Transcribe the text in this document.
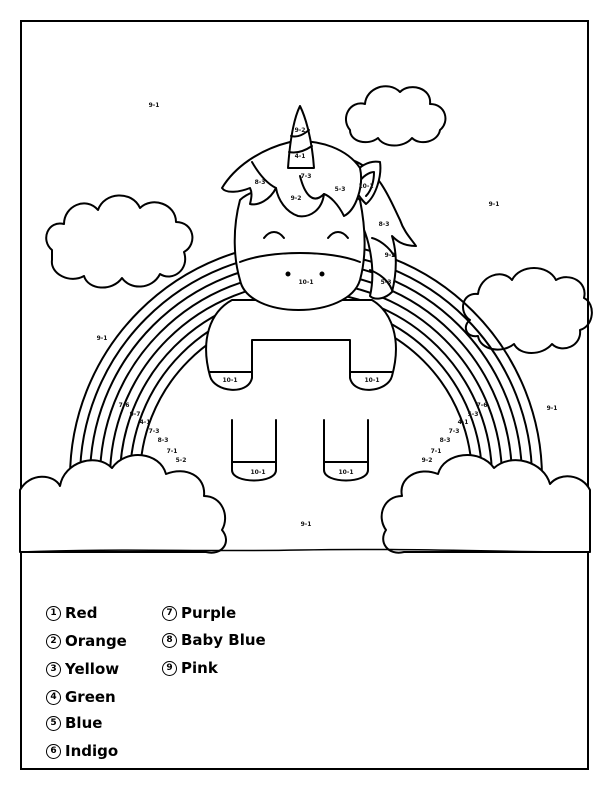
9-1
9-1
9-1
9-1
9-1
9-2
4-1
7-3
8-3
9-2
5-3 10-1
8-3
9-2
5-3
10-1
10-1	10-1
10-1	10-1
7-6
9-7
4-1
7-3
8-3
7-1
5-2
7-6
5-3
4-1
7-3
8-3
7-1
9-2
1 Red
2 Orange
3 Yellow
4 Green
5 Blue
6 Indigo
7 Purple
8 Baby Blue
9 Pink
